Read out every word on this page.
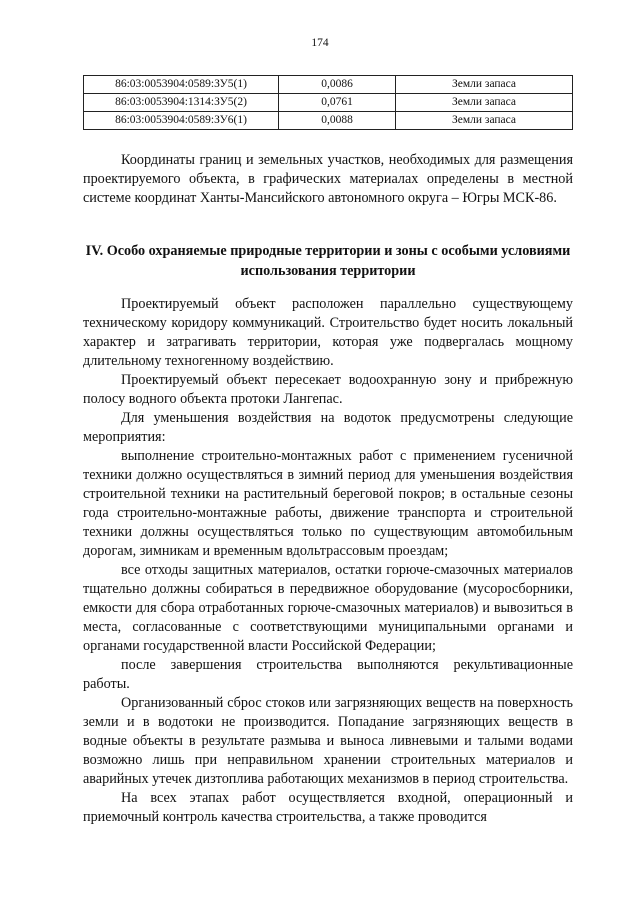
174
86:03:0053904:0589:ЗУ5(1)	0,0086	Земли запаса
86:03:0053904:1314:ЗУ5(2)	0,0761	Земли запаса
86:03:0053904:0589:ЗУ6(1)	0,0088	Земли запаса

Координаты границ и земельных участков, необходимых для размещения проектируемого объекта, в графических материалах определены в местной системе координат Ханты-Мансийского автономного округа – Югры МСК-86.

IV. Особо охраняемые природные территории и зоны с особыми условиями использования территории

Проектируемый объект расположен параллельно существующему техническому коридору коммуникаций. Строительство будет носить локальный характер и затрагивать территории, которая уже подвергалась мощному длительному техногенному воздействию.

Проектируемый объект пересекает водоохранную зону и прибрежную полосу водного объекта протоки Лангепас.

Для уменьшения воздействия на водоток предусмотрены следующие мероприятия:

выполнение строительно-монтажных работ с применением гусеничной техники должно осуществляться в зимний период для уменьшения воздействия строительной техники на растительный береговой покров; в остальные сезоны года строительно-монтажные работы, движение транспорта и строительной техники должны осуществляться только по существующим автомобильным дорогам, зимникам и временным вдольтрассовым проездам;

все отходы защитных материалов, остатки горюче-смазочных материалов тщательно должны собираться в передвижное оборудование (мусоросборники, емкости для сбора отработанных горюче-смазочных материалов) и вывозиться в места, согласованные с соответствующими муниципальными органами и органами государственной власти Российской Федерации;

после завершения строительства выполняются рекультивационные работы.

Организованный сброс стоков или загрязняющих веществ на поверхность земли и в водотоки не производится. Попадание загрязняющих веществ в водные объекты в результате размыва и выноса ливневыми и талыми водами возможно лишь при неправильном хранении строительных материалов и аварийных утечек дизтоплива работающих механизмов в период строительства.

На всех этапах работ осуществляется входной, операционный и приемочный контроль качества строительства, а также проводится
